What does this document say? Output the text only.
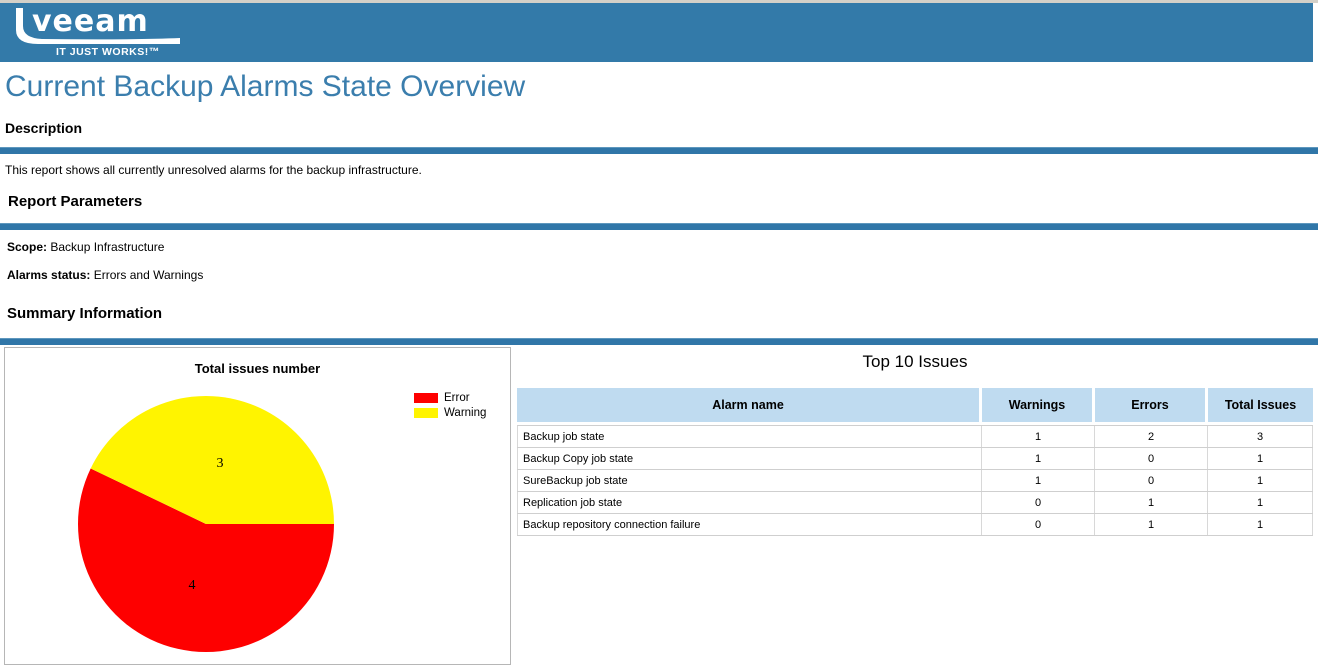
veeam
IT JUST WORKS!™
Current Backup Alarms State Overview
Description
This report shows all currently unresolved alarms for the backup infrastructure.
Report Parameters
Scope: Backup Infrastructure
Alarms status: Errors and Warnings
Summary Information
Total issues number
Error
Warning
4
3
Top 10 Issues
Alarm name	Warnings	Errors	Total Issues
Backup job state	1	2	3
Backup Copy job state	1	0	1
SureBackup job state	1	0	1
Replication job state	0	1	1
Backup repository connection failure	0	1	1
